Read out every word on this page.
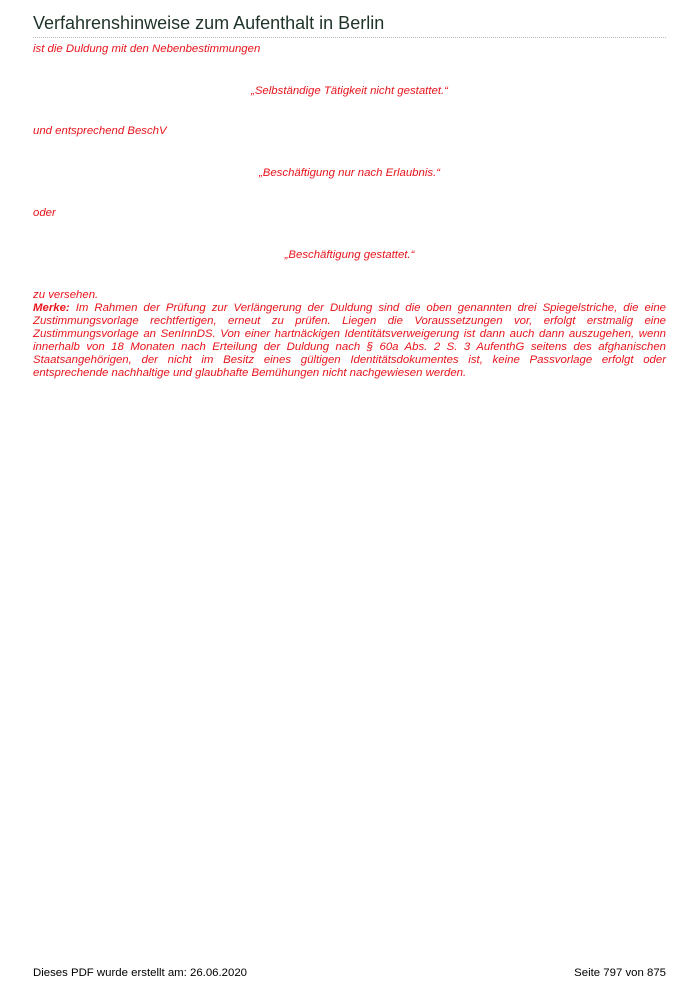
Verfahrenshinweise zum Aufenthalt in Berlin

ist die Duldung mit den Nebenbestimmungen

„Selbständige Tätigkeit nicht gestattet.“

und entsprechend BeschV

„Beschäftigung nur nach Erlaubnis.“

oder

„Beschäftigung gestattet.“

zu versehen.

Merke: Im Rahmen der Prüfung zur Verlängerung der Duldung sind die oben genannten drei Spiegelstriche, die eine Zustimmungsvorlage rechtfertigen, erneut zu prüfen. Liegen die Voraussetzungen vor, erfolgt erstmalig eine Zustimmungsvorlage an SenInnDS. Von einer hartnäckigen Identitätsverweigerung ist dann auch dann auszugehen, wenn innerhalb von 18 Monaten nach Erteilung der Duldung nach § 60a Abs. 2 S. 3 AufenthG seitens des afghanischen Staatsangehörigen, der nicht im Besitz eines gültigen Identitätsdokumentes ist, keine Passvorlage erfolgt oder entsprechende nachhaltige und glaubhafte Bemühungen nicht nachgewiesen werden.

Dieses PDF wurde erstellt am: 26.06.2020	Seite 797 von 875
